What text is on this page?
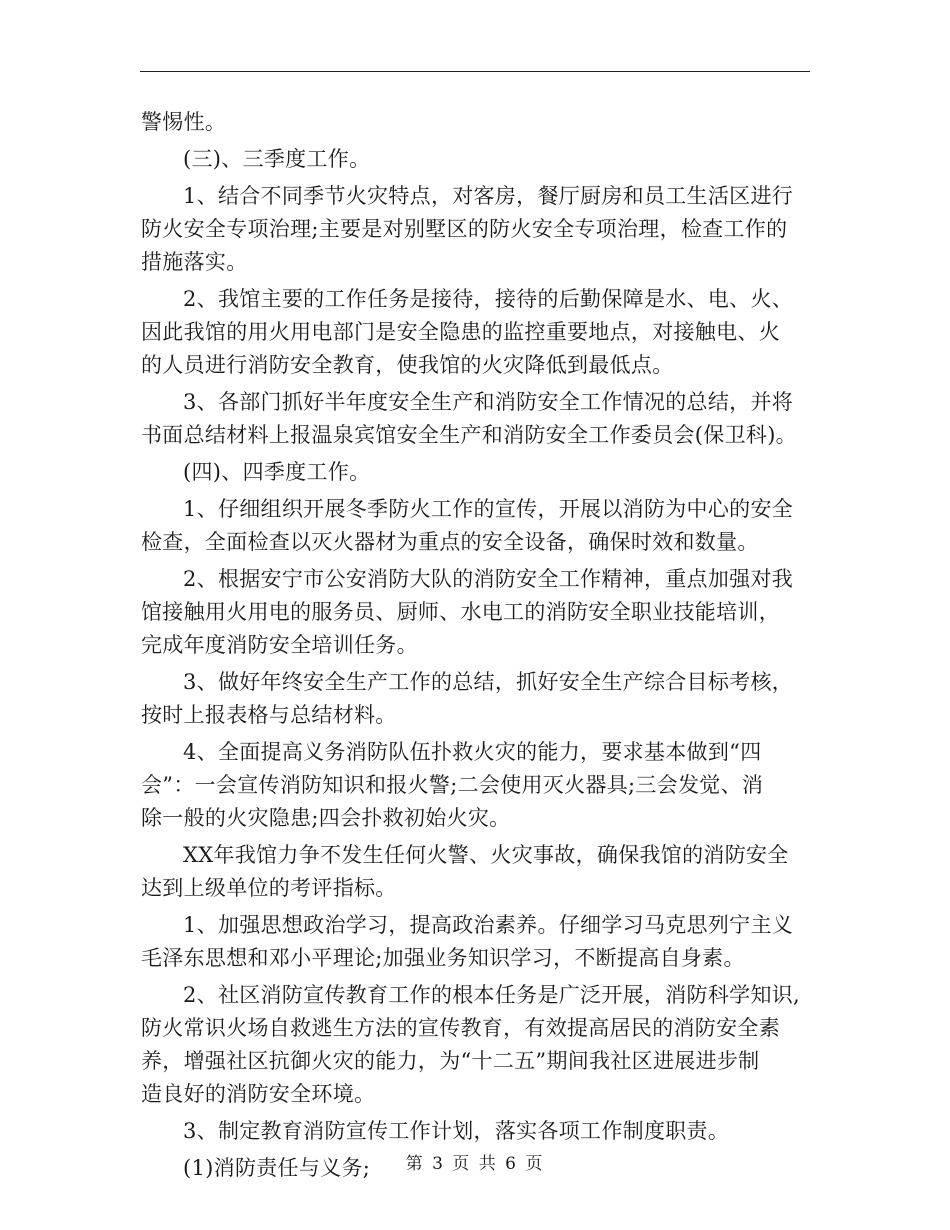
警惕性。
(三)、三季度工作。
1、结合不同季节火灾特点，对客房，餐厅厨房和员工生活区进行
防火安全专项治理;主要是对别墅区的防火安全专项治理，检查工作的
措施落实。
2、我馆主要的工作任务是接待，接待的后勤保障是水、电、火、
因此我馆的用火用电部门是安全隐患的监控重要地点，对接触电、火
的人员进行消防安全教育，使我馆的火灾降低到最低点。
3、各部门抓好半年度安全生产和消防安全工作情况的总结，并将
书面总结材料上报温泉宾馆安全生产和消防安全工作委员会(保卫科)。
(四)、四季度工作。
1、仔细组织开展冬季防火工作的宣传，开展以消防为中心的安全
检查，全面检查以灭火器材为重点的安全设备，确保时效和数量。
2、根据安宁市公安消防大队的消防安全工作精神，重点加强对我
馆接触用火用电的服务员、厨师、水电工的消防安全职业技能培训，
完成年度消防安全培训任务。
3、做好年终安全生产工作的总结，抓好安全生产综合目标考核，
按时上报表格与总结材料。
4、全面提高义务消防队伍扑救火灾的能力，要求基本做到“四
会”：一会宣传消防知识和报火警;二会使用灭火器具;三会发觉、消
除一般的火灾隐患;四会扑救初始火灾。
XX年我馆力争不发生任何火警、火灾事故，确保我馆的消防安全
达到上级单位的考评指标。
1、加强思想政治学习，提高政治素养。仔细学习马克思列宁主义
毛泽东思想和邓小平理论;加强业务知识学习，不断提高自身素。
2、社区消防宣传教育工作的根本任务是广泛开展，消防科学知识,
防火常识火场自救逃生方法的宣传教育，有效提高居民的消防安全素
养，增强社区抗御火灾的能力，为“十二五”期间我社区进展进步制
造良好的消防安全环境。
3、制定教育消防宣传工作计划，落实各项工作制度职责。
(1)消防责任与义务;	第 3 页 共 6 页
